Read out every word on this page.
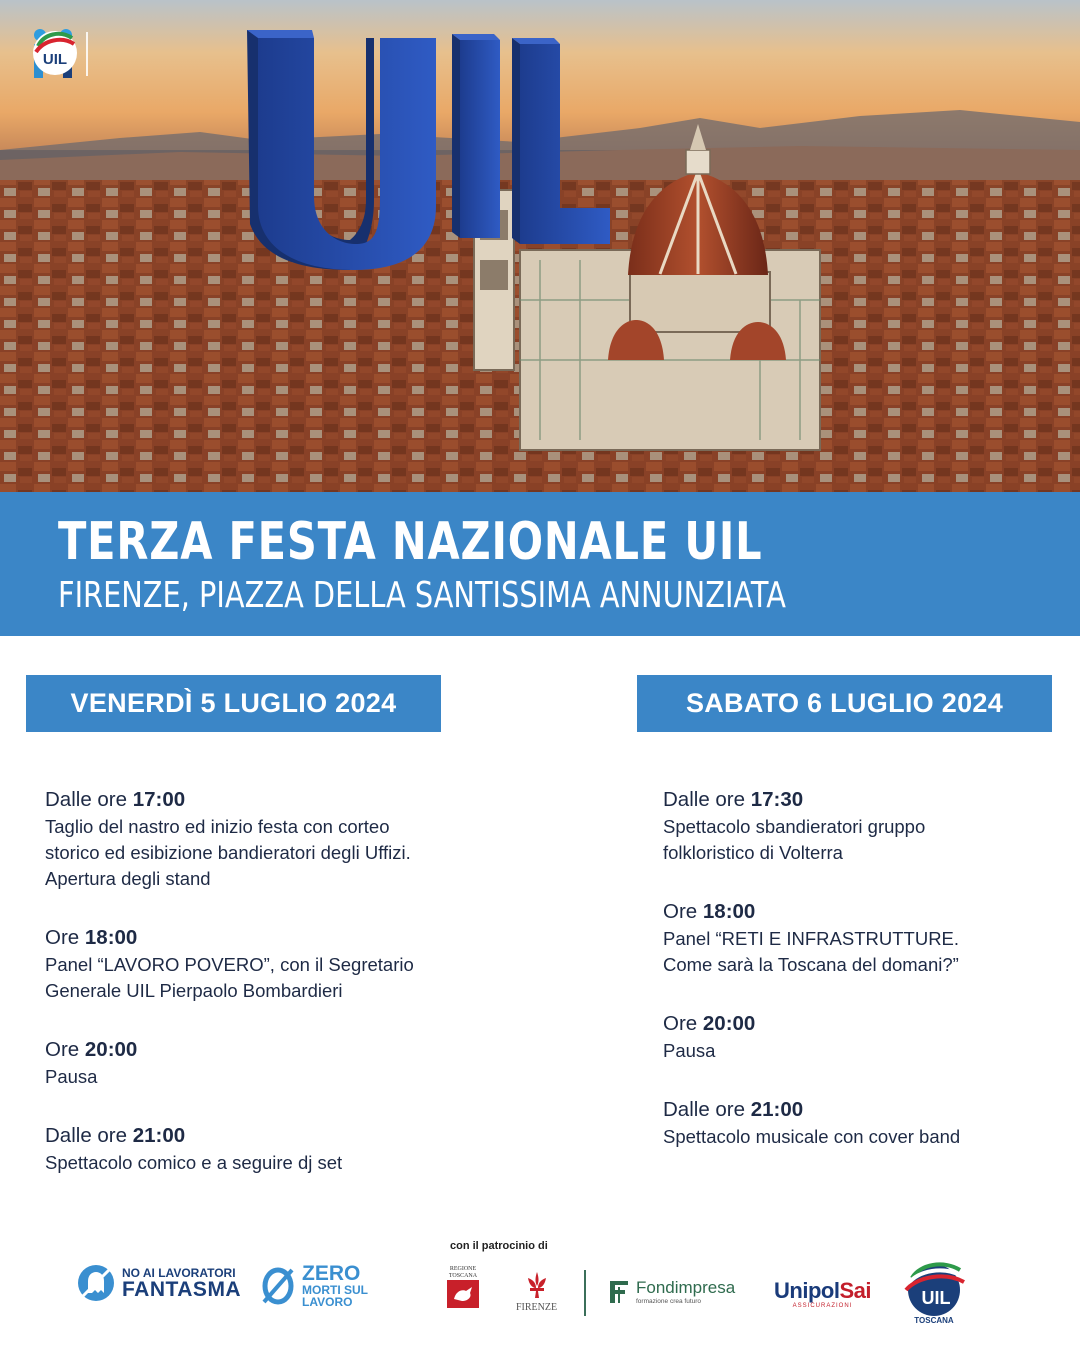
UIL
TERZA FESTA NAZIONALE UIL
FIRENZE, PIAZZA DELLA SANTISSIMA ANNUNZIATA
VENERDÌ 5 LUGLIO 2024	SABATO 6 LUGLIO 2024
Dalle ore 17:00
Taglio del nastro ed inizio festa con corteo
storico ed esibizione bandieratori degli Uffizi.
Apertura degli stand
Ore 18:00
Panel “LAVORO POVERO”, con il Segretario
Generale UIL Pierpaolo Bombardieri
Ore 20:00
Pausa
Dalle ore 21:00
Spettacolo comico e a seguire dj set
Dalle ore 17:30
Spettacolo sbandieratori gruppo
folkloristico di Volterra
Ore 18:00
Panel “RETI E INFRASTRUTTURE.
Come sarà la Toscana del domani?”
Ore 20:00
Pausa
Dalle ore 21:00
Spettacolo musicale con cover band
con il patrocinio di
NO AI LAVORATORI
FANTASMA
ZERO
MORTI SUL
LAVORO
REGIONE
TOSCANA
FIRENZE
Fondimpresa
formazione crea futuro	UnipolSai
ASSICURAZIONI	UIL
TOSCANA
